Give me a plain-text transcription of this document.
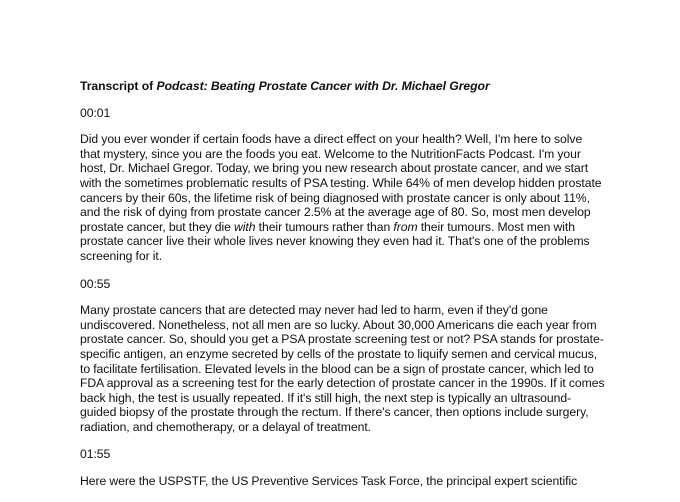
Transcript of Podcast: Beating Prostate Cancer with Dr. Michael Gregor

00:01

Did you ever wonder if certain foods have a direct effect on your health? Well, I'm here to solve that mystery, since you are the foods you eat. Welcome to the NutritionFacts Podcast. I'm your host, Dr. Michael Gregor. Today, we bring you new research about prostate cancer, and we start with the sometimes problematic results of PSA testing. While 64% of men develop hidden prostate cancers by their 60s, the lifetime risk of being diagnosed with prostate cancer is only about 11%, and the risk of dying from prostate cancer 2.5% at the average age of 80. So, most men develop prostate cancer, but they die with their tumours rather than from their tumours. Most men with prostate cancer live their whole lives never knowing they even had it. That's one of the problems screening for it.

00:55

Many prostate cancers that are detected may never had led to harm, even if they'd gone undiscovered. Nonetheless, not all men are so lucky. About 30,000 Americans die each year from prostate cancer. So, should you get a PSA prostate screening test or not? PSA stands for prostate-specific antigen, an enzyme secreted by cells of the prostate to liquify semen and cervical mucus, to facilitate fertilisation. Elevated levels in the blood can be a sign of prostate cancer, which led to FDA approval as a screening test for the early detection of prostate cancer in the 1990s. If it comes back high, the test is usually repeated. If it's still high, the next step is typically an ultrasound-guided biopsy of the prostate through the rectum. If there's cancer, then options include surgery, radiation, and chemotherapy, or a delayal of treatment.

01:55

Here were the USPSTF, the US Preventive Services Task Force, the principal expert scientific
